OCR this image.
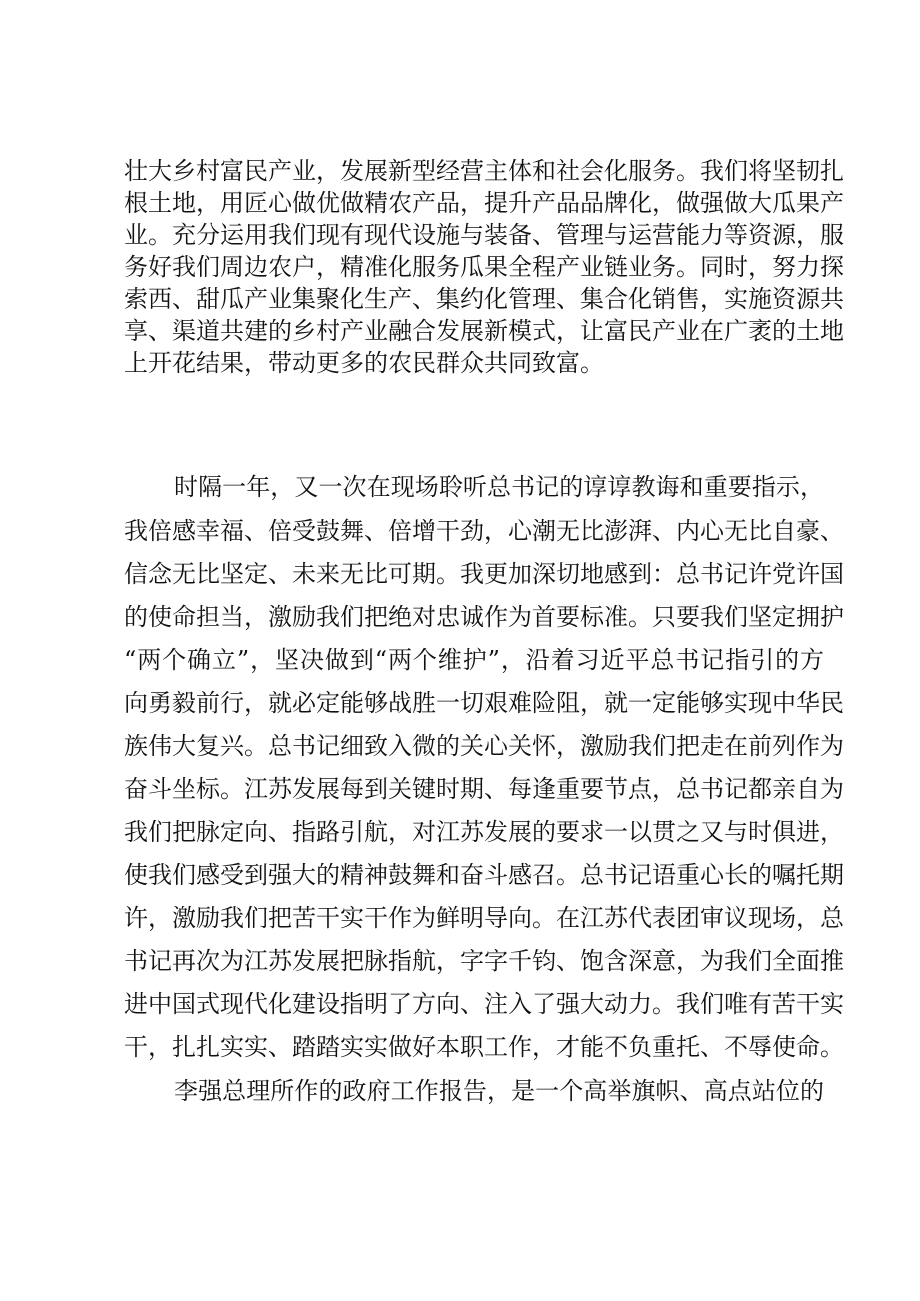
壮大乡村富民产业，发展新型经营主体和社会化服务。我们将坚韧扎
根土地，用匠心做优做精农产品，提升产品品牌化，做强做大瓜果产
业。充分运用我们现有现代设施与装备、管理与运营能力等资源，服
务好我们周边农户，精准化服务瓜果全程产业链业务。同时，努力探
索西、甜瓜产业集聚化生产、集约化管理、集合化销售，实施资源共
享、渠道共建的乡村产业融合发展新模式，让富民产业在广袤的土地
上开花结果，带动更多的农民群众共同致富。
时隔一年，又一次在现场聆听总书记的谆谆教诲和重要指示，
我倍感幸福、倍受鼓舞、倍增干劲，心潮无比澎湃、内心无比自豪、
信念无比坚定、未来无比可期。我更加深切地感到：总书记许党许国
的使命担当，激励我们把绝对忠诚作为首要标准。只要我们坚定拥护
“两个确立”，坚决做到“两个维护”，沿着习近平总书记指引的方
向勇毅前行，就必定能够战胜一切艰难险阻，就一定能够实现中华民
族伟大复兴。总书记细致入微的关心关怀，激励我们把走在前列作为
奋斗坐标。江苏发展每到关键时期、每逢重要节点，总书记都亲自为
我们把脉定向、指路引航，对江苏发展的要求一以贯之又与时俱进，
使我们感受到强大的精神鼓舞和奋斗感召。总书记语重心长的嘱托期
许，激励我们把苦干实干作为鲜明导向。在江苏代表团审议现场，总
书记再次为江苏发展把脉指航，字字千钧、饱含深意，为我们全面推
进中国式现代化建设指明了方向、注入了强大动力。我们唯有苦干实
干，扎扎实实、踏踏实实做好本职工作，才能不负重托、不辱使命。
李强总理所作的政府工作报告，是一个高举旗帜、高点站位的
